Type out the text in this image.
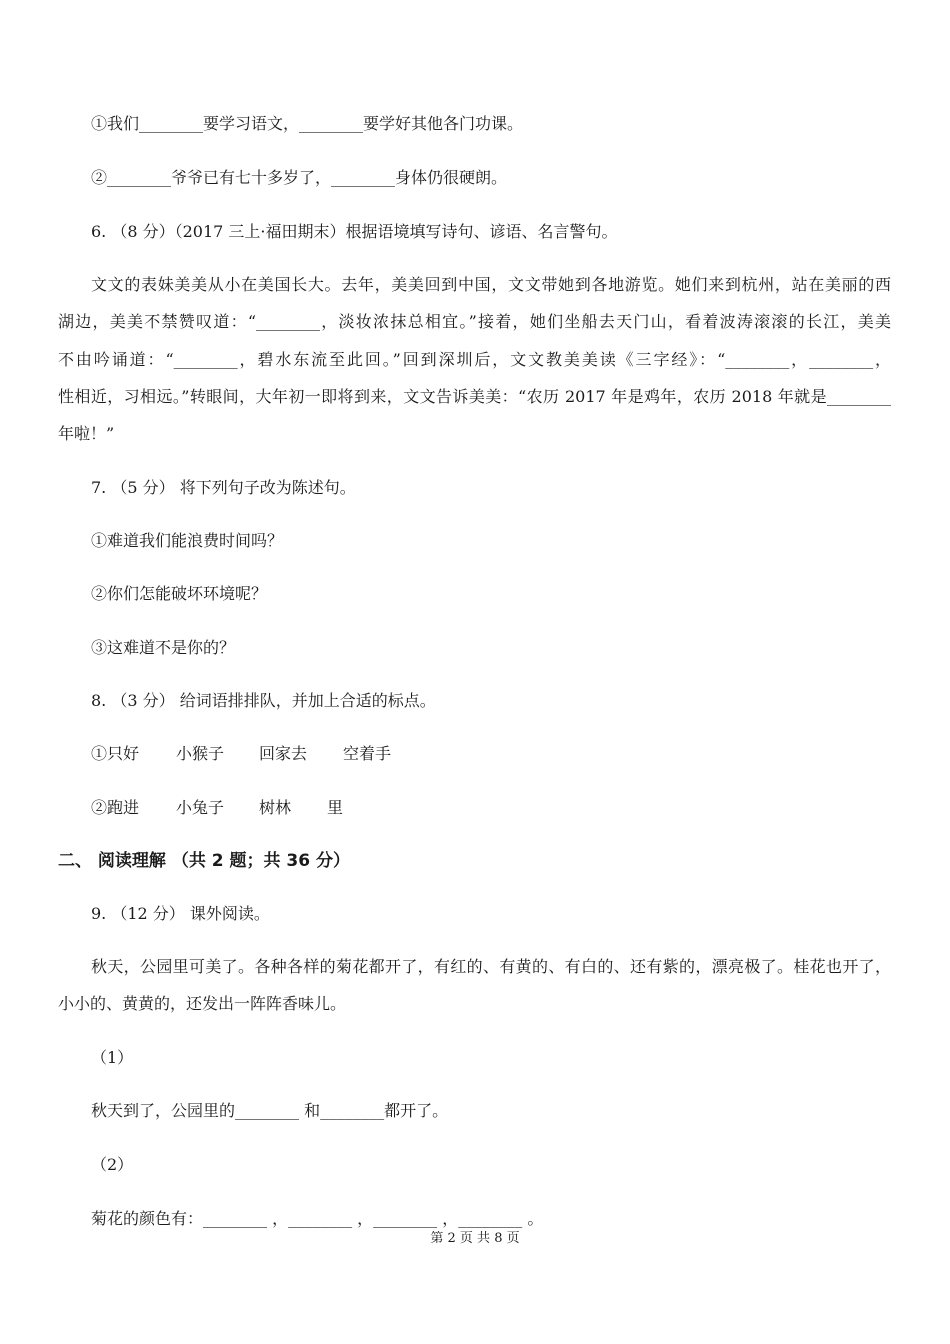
①我们________要学习语文，________要学好其他各门功课。
②________爷爷已有七十多岁了，________身体仍很硬朗。
6. （8 分）（2017 三上·福田期末）根据语境填写诗句、谚语、名言警句。
文文的表妹美美从小在美国长大。去年，美美回到中国，文文带她到各地游览。她们来到杭州，站在美丽的西
湖边，美美不禁赞叹道：“________，淡妆浓抹总相宜。”接着，她们坐船去天门山，看着波涛滚滚的长江，美美
不由吟诵道：“________，碧水东流至此回。”回到深圳后，文文教美美读《三字经》：“________，________，
性相近，习相远。”转眼间，大年初一即将到来，文文告诉美美：“农历 2017 年是鸡年，农历 2018 年就是________
年啦！”
7. （5 分） 将下列句子改为陈述句。
①难道我们能浪费时间吗？
②你们怎能破坏环境呢？
③这难道不是你的？
8. （3 分） 给词语排排队，并加上合适的标点。
①只好 小猴子 回家去 空着手
②跑进 小兔子 树林 里
二、 阅读理解 （共 2 题；共 36 分）
9. （12 分） 课外阅读。
秋天，公园里可美了。各种各样的菊花都开了，有红的、有黄的、有白的、还有紫的，漂亮极了。桂花也开了，
小小的、黄黄的，还发出一阵阵香味儿。
（1）
秋天到了，公园里的________ 和________都开了。
（2）
菊花的颜色有：________ ，________ ，________ ，________ 。
第 2 页 共 8 页
